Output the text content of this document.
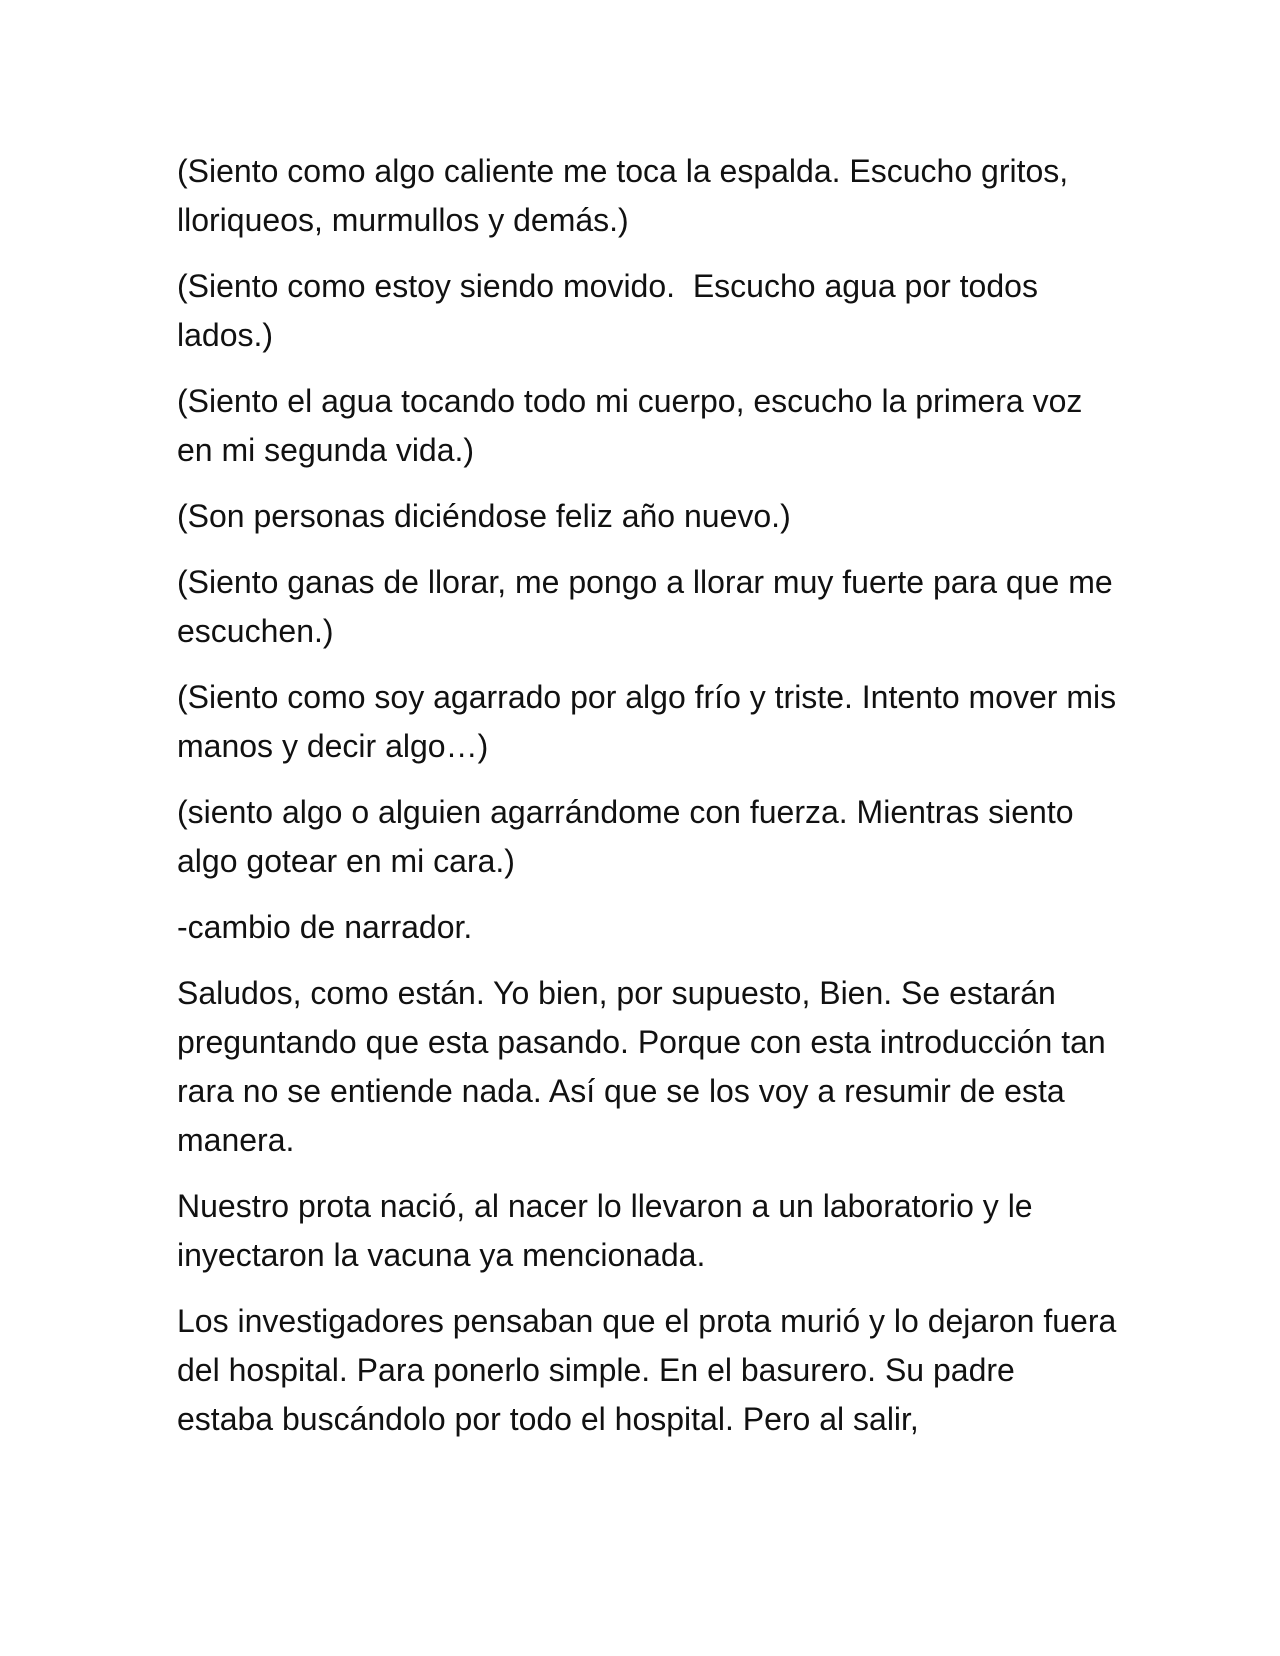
(Siento como algo caliente me toca la espalda. Escucho gritos, lloriqueos, murmullos y demás.)

(Siento como estoy siendo movido.  Escucho agua por todos lados.)

(Siento el agua tocando todo mi cuerpo, escucho la primera voz en mi segunda vida.)

(Son personas diciéndose feliz año nuevo.)

(Siento ganas de llorar, me pongo a llorar muy fuerte para que me escuchen.)

(Siento como soy agarrado por algo frío y triste. Intento mover mis manos y decir algo…)

(siento algo o alguien agarrándome con fuerza. Mientras siento algo gotear en mi cara.)

-cambio de narrador.

Saludos, como están. Yo bien, por supuesto, Bien. Se estarán preguntando que esta pasando. Porque con esta introducción tan rara no se entiende nada. Así que se los voy a resumir de esta manera.

Nuestro prota nació, al nacer lo llevaron a un laboratorio y le inyectaron la vacuna ya mencionada.

Los investigadores pensaban que el prota murió y lo dejaron fuera del hospital. Para ponerlo simple. En el basurero. Su padre estaba buscándolo por todo el hospital. Pero al salir,
